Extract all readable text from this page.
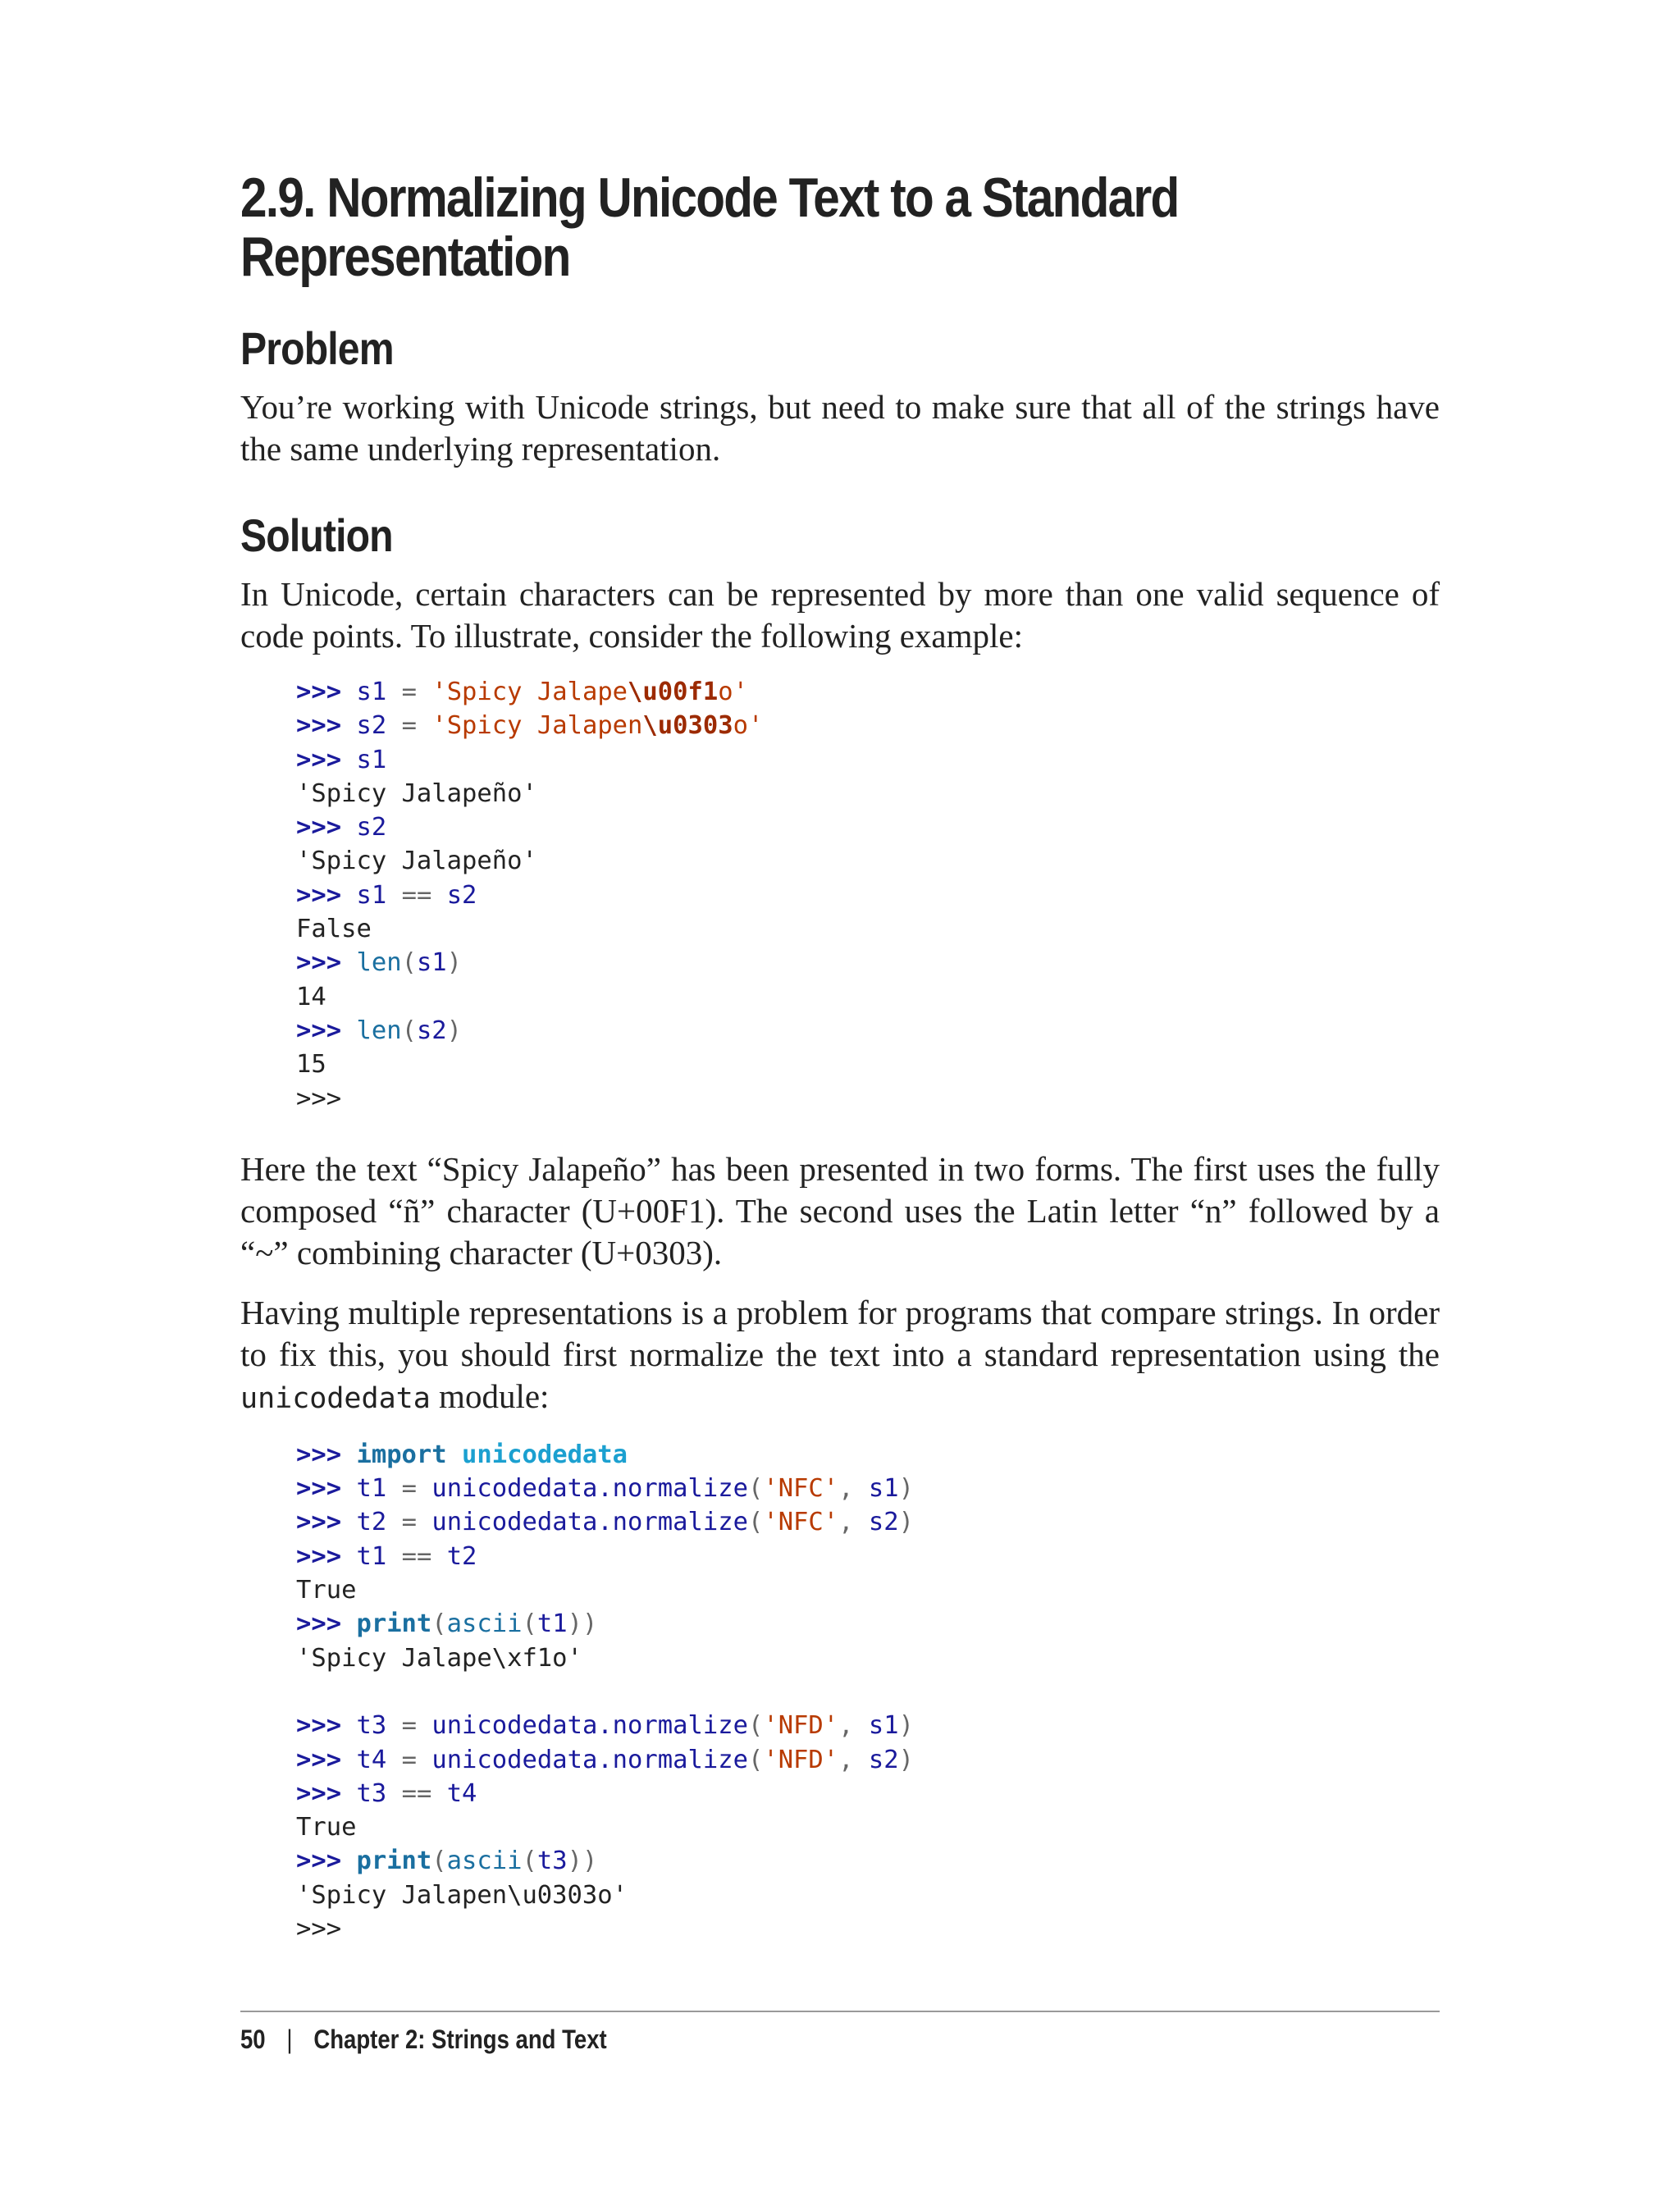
2.9. Normalizing Unicode Text to a Standard
Representation
Problem

You’re working with Unicode strings, but need to make sure that all of the strings have the same underlying representation.

Solution

In Unicode, certain characters can be represented by more than one valid sequence of code points. To illustrate, consider the following example:

>>> s1 = 'Spicy Jalape\u00f1o'
>>> s2 = 'Spicy Jalapen\u0303o'
>>> s1
'Spicy Jalapeño'
>>> s2
'Spicy Jalapeño'
>>> s1 == s2
False
>>> len(s1)
14
>>> len(s2)
15
>>>

Here the text “Spicy Jalapeño” has been presented in two forms. The first uses the fully composed “ñ” character (U+00F1). The second uses the Latin letter “n” followed by a “~” combining character (U+0303).

Having multiple representations is a problem for programs that compare strings. In order to fix this, you should first normalize the text into a standard representation using the unicodedata module:

>>> import unicodedata
>>> t1 = unicodedata.normalize('NFC', s1)
>>> t2 = unicodedata.normalize('NFC', s2)
>>> t1 == t2
True
>>> print(ascii(t1))
'Spicy Jalape\xf1o'

>>> t3 = unicodedata.normalize('NFD', s1)
>>> t4 = unicodedata.normalize('NFD', s2)
>>> t3 == t4
True
>>> print(ascii(t3))
'Spicy Jalapen\u0303o'
>>>
50 | Chapter 2: Strings and Text
